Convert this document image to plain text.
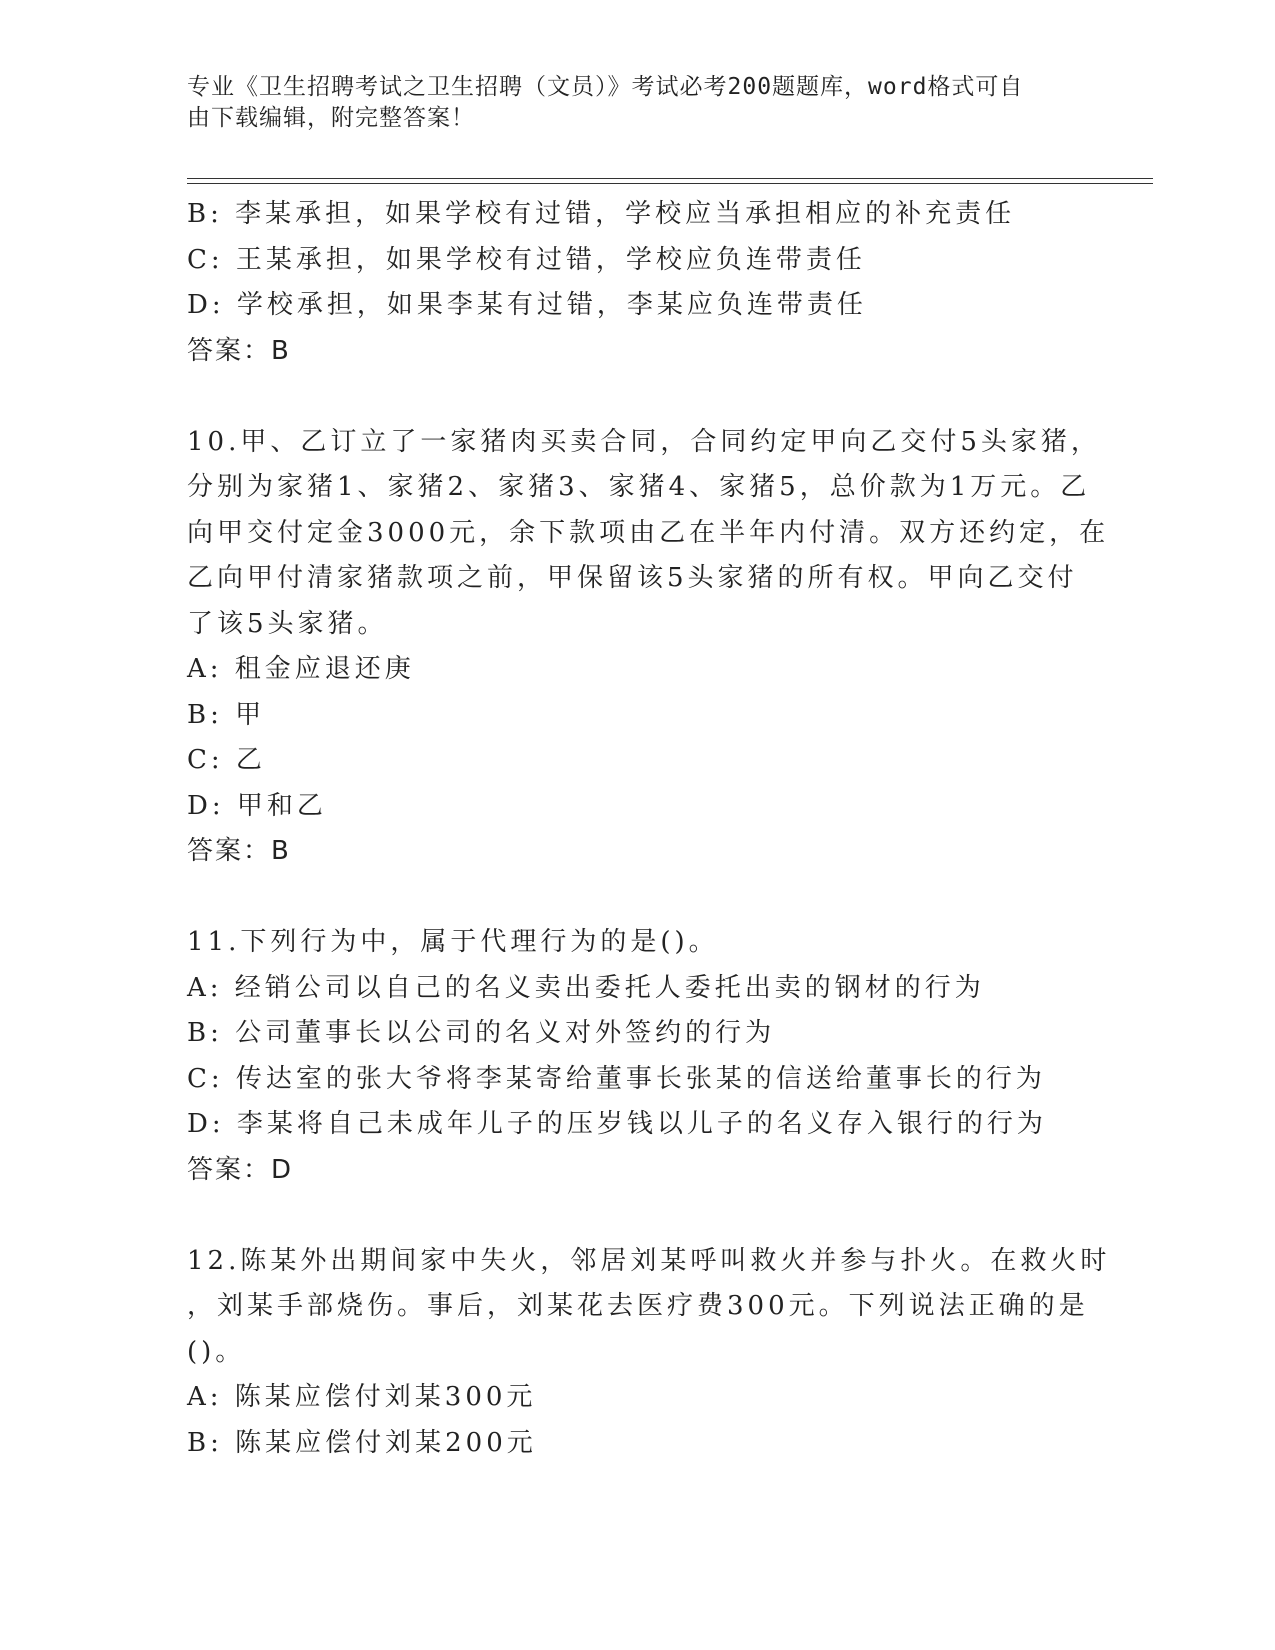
专业《卫生招聘考试之卫生招聘（文员）》考试必考200题题库，word格式可自
由下载编辑，附完整答案！
B: 李某承担，如果学校有过错，学校应当承担相应的补充责任
C: 王某承担，如果学校有过错，学校应负连带责任
D: 学校承担，如果李某有过错，李某应负连带责任
答案：B
10.甲、乙订立了一家猪肉买卖合同，合同约定甲向乙交付5头家猪，
分别为家猪1、家猪2、家猪3、家猪4、家猪5，总价款为1万元。乙
向甲交付定金3000元，余下款项由乙在半年内付清。双方还约定，在
乙向甲付清家猪款项之前，甲保留该5头家猪的所有权。甲向乙交付
了该5头家猪。
A: 租金应退还庚
B: 甲
C: 乙
D: 甲和乙
答案：B
11.下列行为中，属于代理行为的是()。
A: 经销公司以自己的名义卖出委托人委托出卖的钢材的行为
B: 公司董事长以公司的名义对外签约的行为
C: 传达室的张大爷将李某寄给董事长张某的信送给董事长的行为
D: 李某将自己未成年儿子的压岁钱以儿子的名义存入银行的行为
答案：D
12.陈某外出期间家中失火，邻居刘某呼叫救火并参与扑火。在救火时
，刘某手部烧伤。事后，刘某花去医疗费300元。下列说法正确的是
()。
A: 陈某应偿付刘某300元
B: 陈某应偿付刘某200元
